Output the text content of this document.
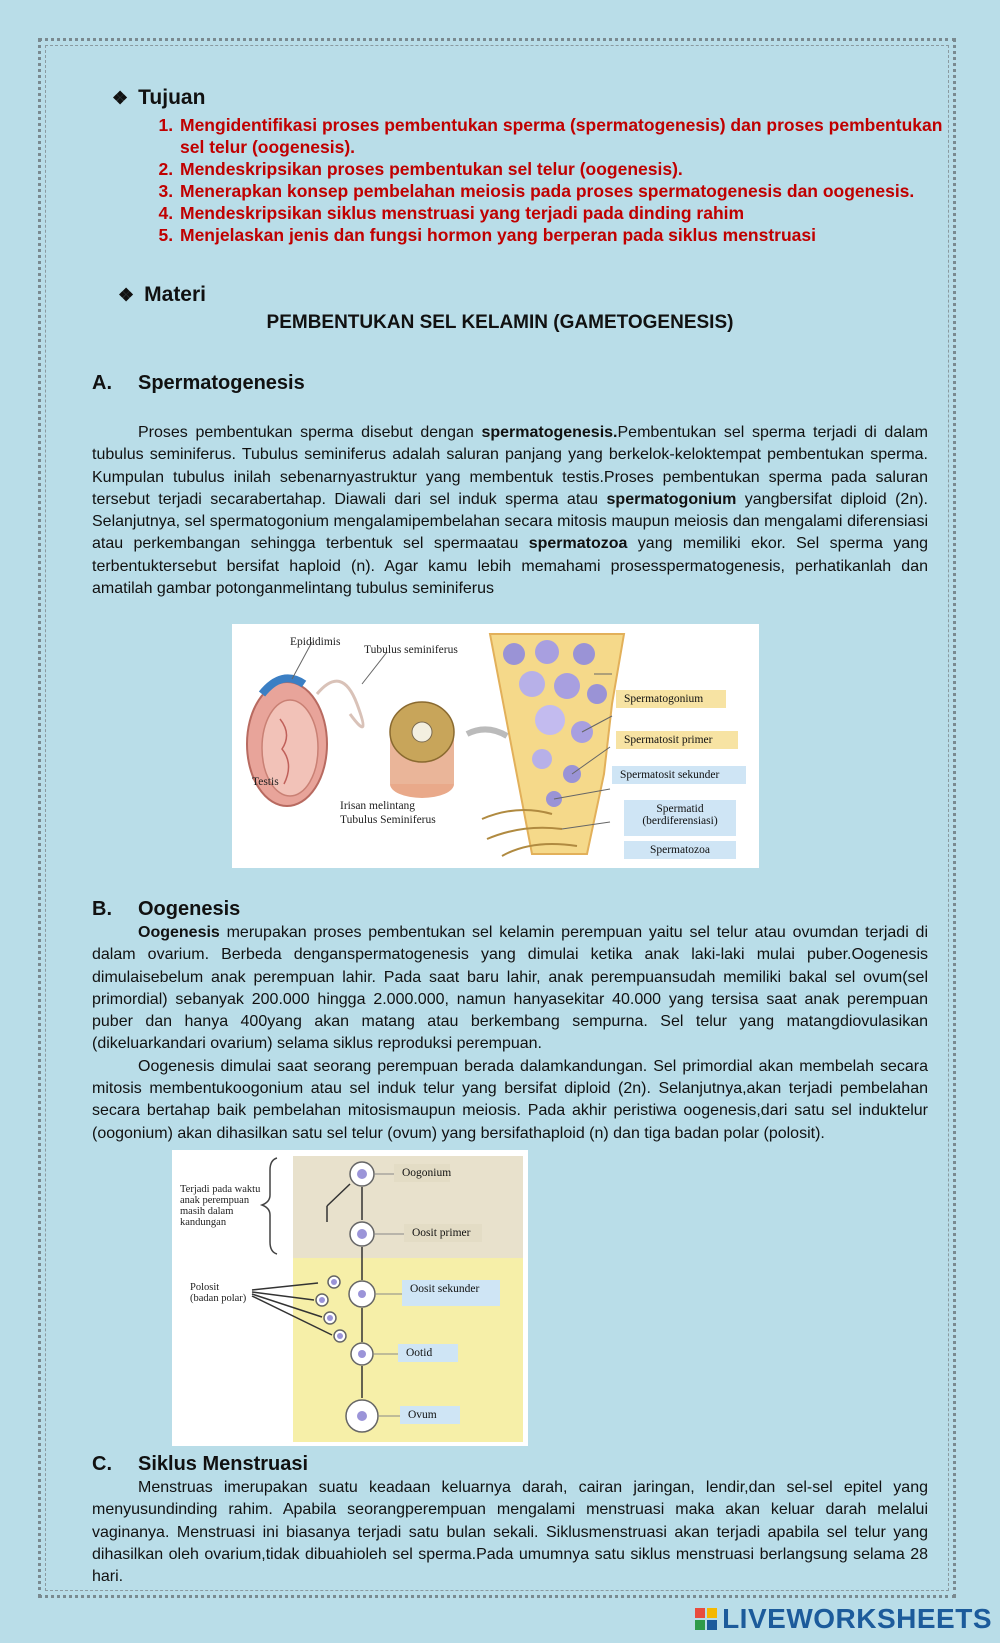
❖ Tujuan
1. Mengidentifikasi proses pembentukan sperma (spermatogenesis) dan proses pembentukan sel telur (oogenesis).
2. Mendeskripsikan proses pembentukan sel telur (oogenesis).
3. Menerapkan konsep pembelahan meiosis pada proses spermatogenesis dan oogenesis.
4. Mendeskripsikan siklus menstruasi yang terjadi pada dinding rahim
5. Menjelaskan jenis dan fungsi hormon yang berperan pada siklus menstruasi
❖ Materi
PEMBENTUKAN SEL KELAMIN (GAMETOGENESIS)
A. Spermatogenesis

Proses pembentukan sperma disebut dengan spermatogenesis.Pembentukan sel sperma terjadi di dalam tubulus seminiferus. Tubulus seminiferus adalah saluran panjang yang berkelok-keloktempat pembentukan sperma. Kumpulan tubulus inilah sebenarnyastruktur yang membentuk testis.Proses pembentukan sperma pada saluran tersebut terjadi secarabertahap. Diawali dari sel induk sperma atau spermatogonium yangbersifat diploid (2n). Selanjutnya, sel spermatogonium mengalamipembelahan secara mitosis maupun meiosis dan mengalami diferensiasi atau perkembangan sehingga terbentuk sel spermaatau spermatozoa yang memiliki ekor. Sel sperma yang terbentuktersebut bersifat haploid (n). Agar kamu lebih memahami prosesspermatogenesis, perhatikanlah dan amatilah gambar potonganmelintang tubulus seminiferus

Epididimis
Tubulus seminiferus
Testis
Irisan melintang
Tubulus Seminiferus
Spermatogonium
Spermatosit primer
Spermatosit sekunder
Spermatid
(berdiferensiasi)
Spermatozoa
B. Oogenesis

Oogenesis merupakan proses pembentukan sel kelamin perempuan yaitu sel telur atau ovumdan terjadi di dalam ovarium. Berbeda denganspermatogenesis yang dimulai ketika anak laki-laki mulai puber.Oogenesis dimulaisebelum anak perempuan lahir. Pada saat baru lahir, anak perempuansudah memiliki bakal sel ovum(sel primordial) sebanyak 200.000 hingga 2.000.000, namun hanyasekitar 40.000 yang tersisa saat anak perempuan puber dan hanya 400yang akan matang atau berkembang sempurna. Sel telur yang matangdiovulasikan (dikeluarkandari ovarium) selama siklus reproduksi perempuan.

Oogenesis dimulai saat seorang perempuan berada dalamkandungan. Sel primordial akan membelah secara mitosis membentukoogonium atau sel induk telur yang bersifat diploid (2n). Selanjutnya,akan terjadi pembelahan secara bertahap baik pembelahan mitosismaupun meiosis. Pada akhir peristiwa oogenesis,dari satu sel induktelur (oogonium) akan dihasilkan satu sel telur (ovum) yang bersifathaploid (n) dan tiga badan polar (polosit).

Terjadi pada waktu
anak perempuan
masih dalam
kandungan
Polosit
(badan polar)
Oogonium
Oosit primer
Oosit sekunder
Ootid
Ovum
C. Siklus Menstruasi

Menstruas imerupakan suatu keadaan keluarnya darah, cairan jaringan, lendir,dan sel-sel epitel yang menyusundinding rahim. Apabila seorangperempuan mengalami menstruasi maka akan keluar darah melalui vaginanya. Menstruasi ini biasanya terjadi satu bulan sekali. Siklusmenstruasi akan terjadi apabila sel telur yang dihasilkan oleh ovarium,tidak dibuahioleh sel sperma.Pada umumnya satu siklus menstruasi berlangsung selama 28 hari.

LIVEWORKSHEETS
